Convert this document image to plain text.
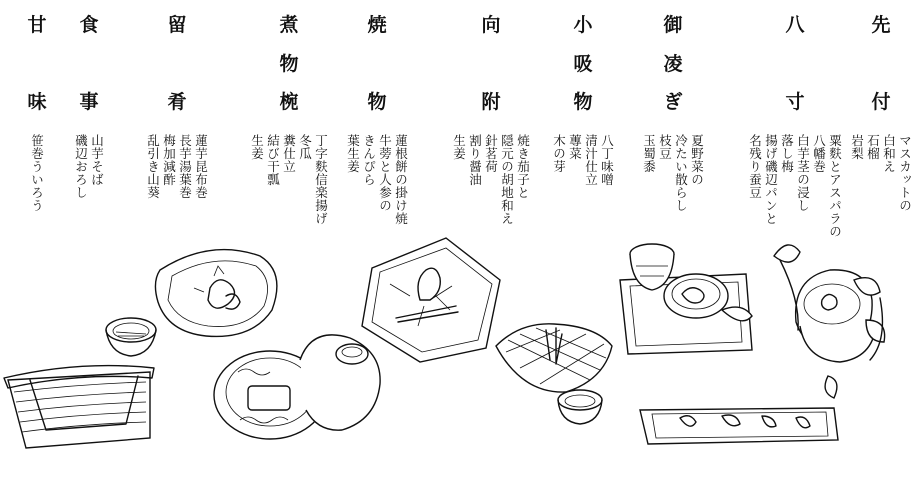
先
付
マスカットの
白和え
石榴
岩梨
八
寸
粟麩とアスパラの
八幡巻
白芋茎の浸し
落し梅
揚げ磯辺パンと
名残り蚕豆
御
凌
ぎ
夏野菜の
冷たい散らし
枝豆
玉蜀黍
小
吸
物
八丁味噌
清汁仕立
蓴菜
木の芽
向
附
焼き茄子と
隠元の胡地和え
針茗荷
割り醤油
生姜
焼
物
蓮根餅の掛け焼
牛蒡と人参の
きんぴら
葉生姜
煮
物
椀
丁字麩信楽揚げ
冬瓜
糞仕立
結び干瓢
生姜
留
肴
蓮芋昆布巻
長芋湯葉巻
梅加減酢
乱引き山葵
食
事
山芋そば
磯辺おろし
甘
味
笹巻ういろう
